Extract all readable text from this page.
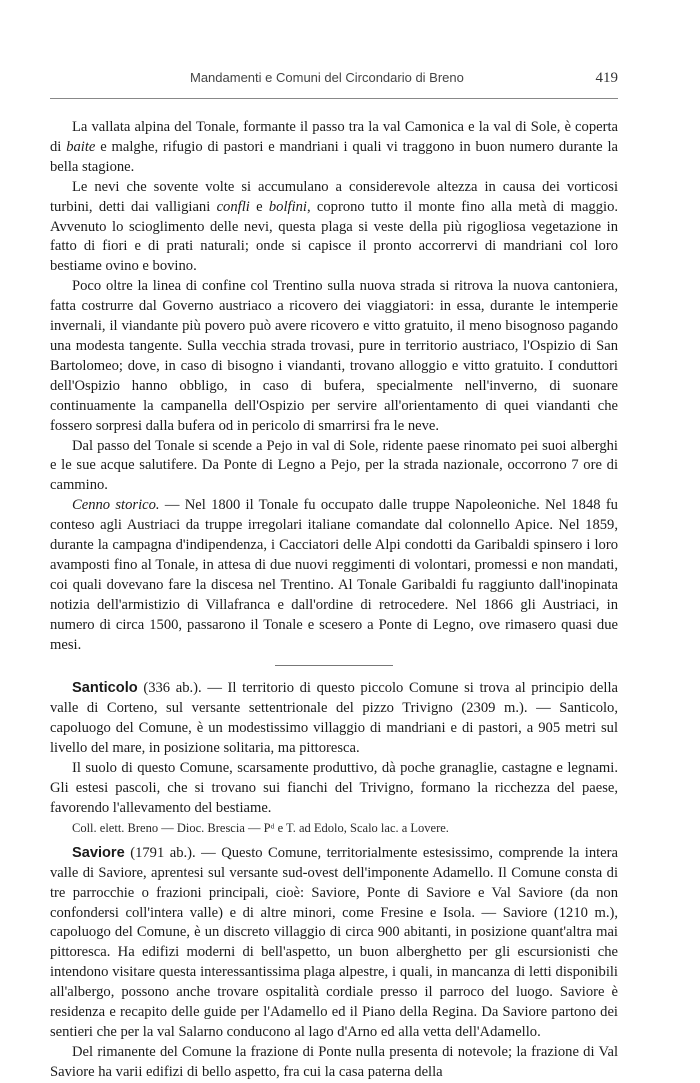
Mandamenti e Comuni del Circondario di Breno	419

La vallata alpina del Tonale, formante il passo tra la val Camonica e la val di Sole, è coperta di baite e malghe, rifugio di pastori e mandriani i quali vi traggono in buon numero durante la bella stagione.

Le nevi che sovente volte si accumulano a considerevole altezza in causa dei vorticosi turbini, detti dai valligiani confli e bolfini, coprono tutto il monte fino alla metà di maggio. Avvenuto lo scioglimento delle nevi, questa plaga si veste della più rigogliosa vegetazione in fatto di fiori e di prati naturali; onde si capisce il pronto accorrervi di mandriani col loro bestiame ovino e bovino.

Poco oltre la linea di confine col Trentino sulla nuova strada si ritrova la nuova cantoniera, fatta costrurre dal Governo austriaco a ricovero dei viaggiatori: in essa, durante le intemperie invernali, il viandante più povero può avere ricovero e vitto gratuito, il meno bisognoso pagando una modesta tangente. Sulla vecchia strada trovasi, pure in territorio austriaco, l'Ospizio di San Bartolomeo; dove, in caso di bisogno i viandanti, trovano alloggio e vitto gratuito. I conduttori dell'Ospizio hanno obbligo, in caso di bufera, specialmente nell'inverno, di suonare continuamente la campanella dell'Ospizio per servire all'orientamento di quei viandanti che fossero sorpresi dalla bufera od in pericolo di smarrirsi fra le neve.

Dal passo del Tonale si scende a Pejo in val di Sole, ridente paese rinomato pei suoi alberghi e le sue acque salutifere. Da Ponte di Legno a Pejo, per la strada nazionale, occorrono 7 ore di cammino.

Cenno storico. — Nel 1800 il Tonale fu occupato dalle truppe Napoleoniche. Nel 1848 fu conteso agli Austriaci da truppe irregolari italiane comandate dal colonnello Apice. Nel 1859, durante la campagna d'indipendenza, i Cacciatori delle Alpi condotti da Garibaldi spinsero i loro avamposti fino al Tonale, in attesa di due nuovi reggimenti di volontari, promessi e non mandati, coi quali dovevano fare la discesa nel Trentino. Al Tonale Garibaldi fu raggiunto dall'inopinata notizia dell'armistizio di Villafranca e dall'ordine di retrocedere. Nel 1866 gli Austriaci, in numero di circa 1500, passarono il Tonale e scesero a Ponte di Legno, ove rimasero quasi due mesi.

Santicolo (336 ab.). — Il territorio di questo piccolo Comune si trova al principio della valle di Corteno, sul versante settentrionale del pizzo Trivigno (2309 m.). — Santicolo, capoluogo del Comune, è un modestissimo villaggio di mandriani e di pastori, a 905 metri sul livello del mare, in posizione solitaria, ma pittoresca.

Il suolo di questo Comune, scarsamente produttivo, dà poche granaglie, castagne e legnami. Gli estesi pascoli, che si trovano sui fianchi del Trivigno, formano la ricchezza del paese, favorendo l'allevamento del bestiame.

Coll. elett. Breno — Dioc. Brescia — Pᵈ e T. ad Edolo, Scalo lac. a Lovere.

Saviore (1791 ab.). — Questo Comune, territorialmente estesissimo, comprende la intera valle di Saviore, aprentesi sul versante sud-ovest dell'imponente Adamello. Il Comune consta di tre parrocchie o frazioni principali, cioè: Saviore, Ponte di Saviore e Val Saviore (da non confondersi coll'intera valle) e di altre minori, come Fresine e Isola. — Saviore (1210 m.), capoluogo del Comune, è un discreto villaggio di circa 900 abitanti, in posizione quant'altra mai pittoresca. Ha edifizi moderni di bell'aspetto, un buon alberghetto per gli escursionisti che intendono visitare questa interessantissima plaga alpestre, i quali, in mancanza di letti disponibili all'albergo, possono anche trovare ospitalità cordiale presso il parroco del luogo. Saviore è residenza e recapito delle guide per l'Adamello ed il Piano della Regina. Da Saviore partono dei sentieri che per la val Salarno conducono al lago d'Arno ed alla vetta dell'Adamello.

Del rimanente del Comune la frazione di Ponte nulla presenta di notevole; la frazione di Val Saviore ha varii edifizi di bello aspetto, fra cui la casa paterna della
